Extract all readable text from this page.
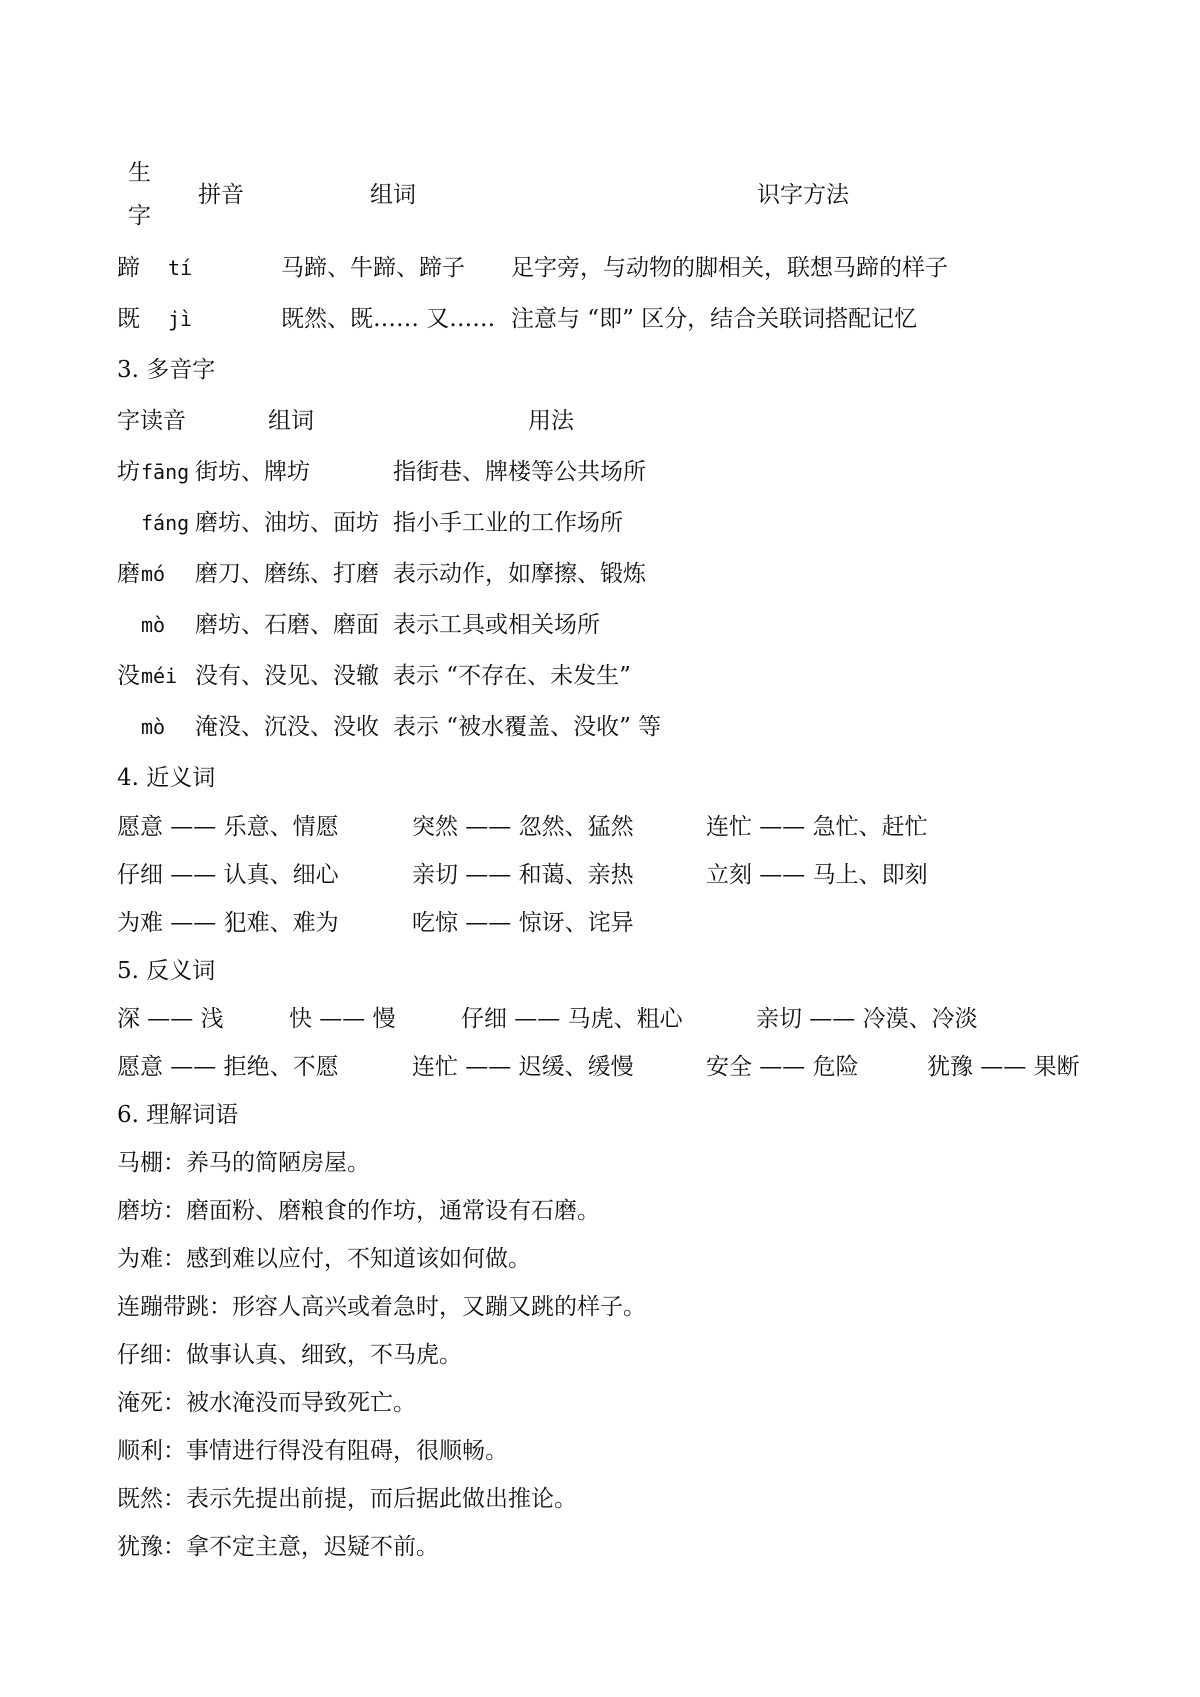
生
字
拼音	组词	识字方法
蹄 tí	马蹄、牛蹄、蹄子 足字旁，与动物的脚相关，联想马蹄的样子
既 jì	既然、既…… 又…… 注意与 “即” 区分，结合关联词搭配记忆
3. 多音字
字读音	组词	用法
坊 fāng 街坊、牌坊	指街巷、牌楼等公共场所
fáng 磨坊、油坊、面坊 指小手工业的工作场所
磨 mó 磨刀、磨练、打磨 表示动作，如摩擦、锻炼
mò 磨坊、石磨、磨面 表示工具或相关场所
没 méi 没有、没见、没辙 表示 “不存在、未发生”
mò 淹没、沉没、没收 表示 “被水覆盖、没收” 等
4. 近义词
愿意 —— 乐意、情愿	突然 —— 忽然、猛然	连忙 —— 急忙、赶忙
仔细 —— 认真、细心	亲切 —— 和蔼、亲热	立刻 —— 马上、即刻
为难 —— 犯难、难为	吃惊 —— 惊讶、诧异
5. 反义词
深 —— 浅	快 —— 慢	仔细 —— 马虎、粗心	亲切 —— 冷漠、冷淡
愿意 —— 拒绝、不愿	连忙 —— 迟缓、缓慢	安全 —— 危险	犹豫 —— 果断
6. 理解词语
马棚：养马的简陋房屋。
磨坊：磨面粉、磨粮食的作坊，通常设有石磨。
为难：感到难以应付，不知道该如何做。
连蹦带跳：形容人高兴或着急时，又蹦又跳的样子。
仔细：做事认真、细致，不马虎。
淹死：被水淹没而导致死亡。
顺利：事情进行得没有阻碍，很顺畅。
既然：表示先提出前提，而后据此做出推论。
犹豫：拿不定主意，迟疑不前。
